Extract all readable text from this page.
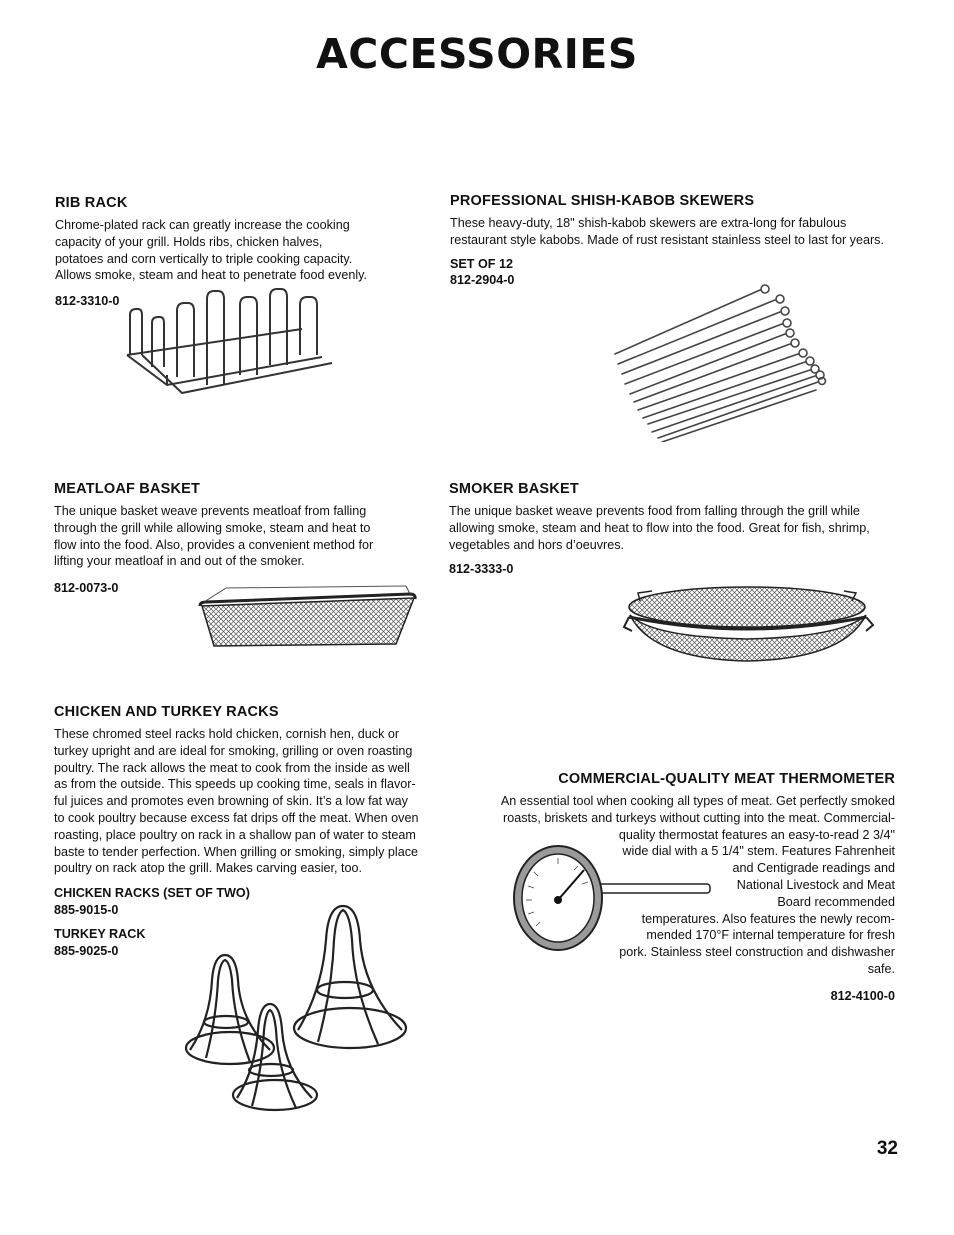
ACCESSORIES
RIB RACK

Chrome-plated rack can greatly increase the cooking
capacity of your grill. Holds ribs, chicken halves,
potatoes and corn vertically to triple cooking capacity.
Allows smoke, steam and heat to penetrate food evenly.

812-3310-0

PROFESSIONAL SHISH-KABOB SKEWERS

These heavy-duty, 18" shish-kabob skewers are extra-long for fabulous
restaurant style kabobs. Made of rust resistant stainless steel to last for years.

SET OF 12

812-2904-0

MEATLOAF BASKET

The unique basket weave prevents meatloaf from falling
through the grill while allowing smoke, steam and heat to
flow into the food. Also, provides a convenient method for
lifting your meatloaf in and out of the smoker.

812-0073-0

SMOKER BASKET

The unique basket weave prevents food from falling through the grill while
allowing smoke, steam and heat to flow into the food. Great for fish, shrimp,
vegetables and hors d’oeuvres.

812-3333-0

CHICKEN AND TURKEY RACKS

These chromed steel racks hold chicken, cornish hen, duck or
turkey upright and are ideal for smoking, grilling or oven roasting
poultry. The rack allows the meat to cook from the inside as well
as from the outside. This speeds up cooking time, seals in flavor-
ful juices and promotes even browning of skin. It’s a low fat way
to cook poultry because excess fat drips off the meat. When oven
roasting, place poultry on rack in a shallow pan of water to steam
baste to tender perfection. When grilling or smoking, simply place
poultry on rack atop the grill. Makes carving easier, too.

CHICKEN RACKS (SET OF TWO)

885-9015-0

TURKEY RACK

885-9025-0

COMMERCIAL-QUALITY MEAT THERMOMETER

An essential tool when cooking all types of meat. Get perfectly smoked
roasts, briskets and turkeys without cutting into the meat. Commercial-
quality thermostat features an easy-to-read 2 3/4"
wide dial with a 5 1/4" stem. Features Fahrenheit
and Centigrade readings and
National Livestock and Meat
Board recommended
temperatures. Also features the newly recom-
mended 170°F internal temperature for fresh
pork. Stainless steel construction and dishwasher
safe.

812-4100-0

32
